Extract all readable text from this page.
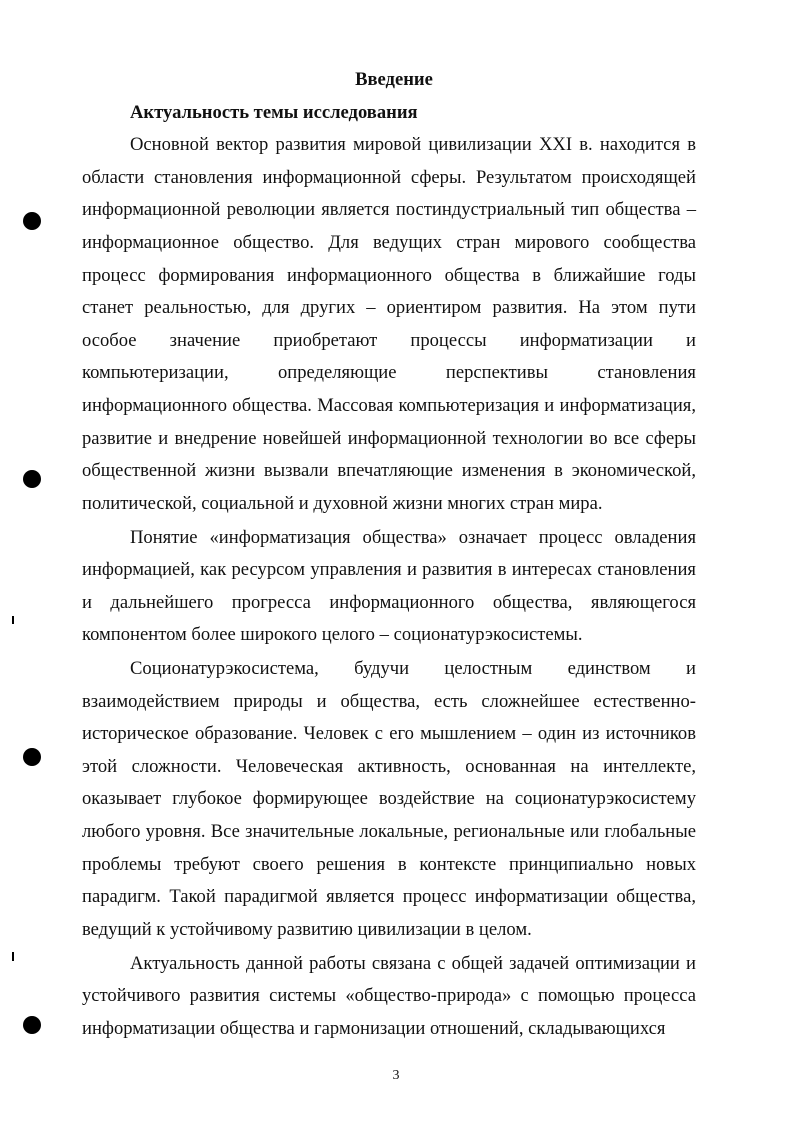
Введение
Актуальность темы исследования

Основной вектор развития мировой цивилизации XXI в. находится в области становления информационной сферы. Результатом происходящей информационной революции является постиндустриальный тип общества – информационное общество. Для ведущих стран мирового сообщества процесс формирования информационного общества в ближайшие годы станет реальностью, для других – ориентиром развития. На этом пути особое значение приобретают процессы информатизации и компьютеризации, определяющие перспективы становления информационного общества. Массовая компьютеризация и информатизация, развитие и внедрение новейшей информационной технологии во все сферы общественной жизни вызвали впечатляющие изменения в экономической, политической, социальной и духовной жизни многих стран мира.

Понятие «информатизация общества» означает процесс овладения информацией, как ресурсом управления и развития в интересах становления и дальнейшего прогресса информационного общества, являющегося компонентом более широкого целого – соционатурэкосистемы.

Соционатурэкосистема, будучи целостным единством и взаимодействием природы и общества, есть сложнейшее естественно-историческое образование. Человек с его мышлением – один из источников этой сложности. Человеческая активность, основанная на интеллекте, оказывает глубокое формирующее воздействие на соционатурэкосистему любого уровня. Все значительные локальные, региональные или глобальные проблемы требуют своего решения в контексте принципиально новых парадигм. Такой парадигмой является процесс информатизации общества, ведущий к устойчивому развитию цивилизации в целом.

Актуальность данной работы связана с общей задачей оптимизации и устойчивого развития системы «общество-природа» с помощью процесса информатизации общества и гармонизации отношений, складывающихся

3
